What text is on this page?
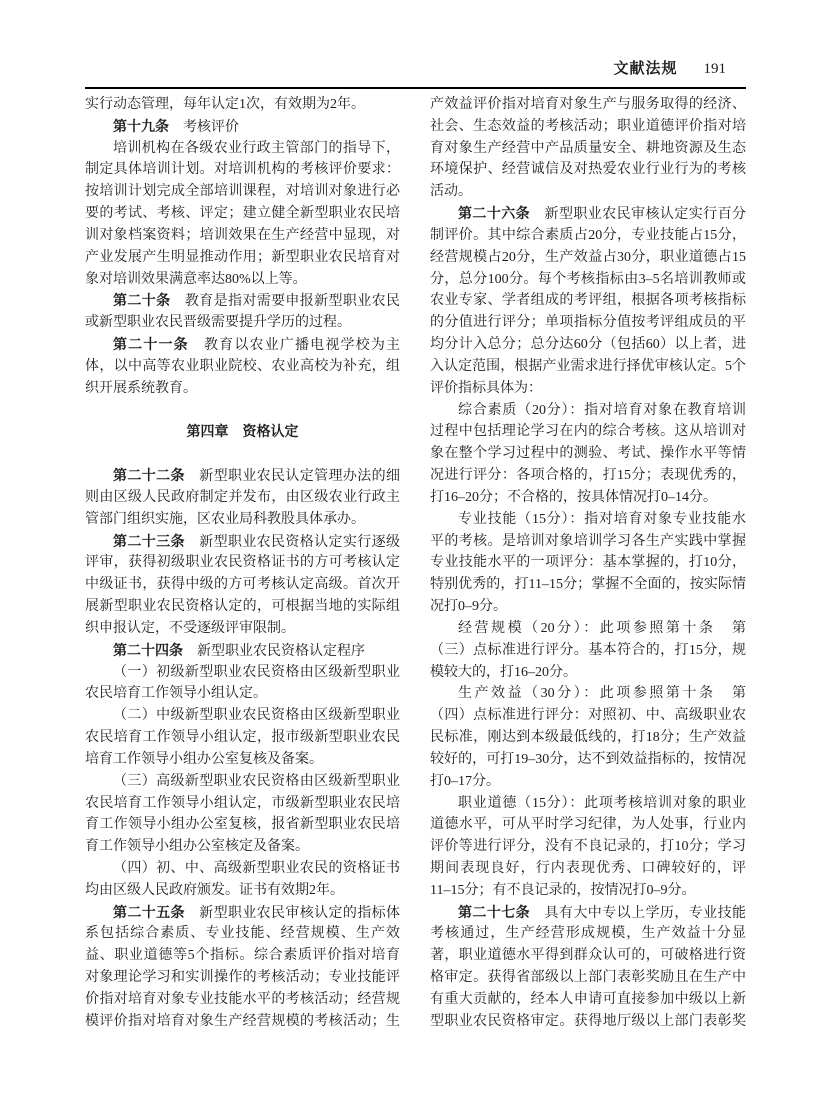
文献法规 191
实行动态管理，每年认定1次，有效期为2年。
第十九条　考核评价
培训机构在各级农业行政主管部门的指导下，
制定具体培训计划。对培训机构的考核评价要求：
按培训计划完成全部培训课程，对培训对象进行必
要的考试、考核、评定；建立健全新型职业农民培
训对象档案资料；培训效果在生产经营中显现，对
产业发展产生明显推动作用；新型职业农民培育对
象对培训效果满意率达80%以上等。
第二十条　教育是指对需要申报新型职业农民
或新型职业农民晋级需要提升学历的过程。
第二十一条　教育以农业广播电视学校为主
体，以中高等农业职业院校、农业高校为补充，组
织开展系统教育。

第四章　资格认定

第二十二条　新型职业农民认定管理办法的细
则由区级人民政府制定并发布，由区级农业行政主
管部门组织实施，区农业局科教股具体承办。
第二十三条　新型职业农民资格认定实行逐级
评审，获得初级职业农民资格证书的方可考核认定
中级证书，获得中级的方可考核认定高级。首次开
展新型职业农民资格认定的，可根据当地的实际组
织申报认定，不受逐级评审限制。
第二十四条　新型职业农民资格认定程序
（一）初级新型职业农民资格由区级新型职业
农民培育工作领导小组认定。
（二）中级新型职业农民资格由区级新型职业
农民培育工作领导小组认定，报市级新型职业农民
培育工作领导小组办公室复核及备案。
（三）高级新型职业农民资格由区级新型职业
农民培育工作领导小组认定，市级新型职业农民培
育工作领导小组办公室复核，报省新型职业农民培
育工作领导小组办公室核定及备案。
（四）初、中、高级新型职业农民的资格证书
均由区级人民政府颁发。证书有效期2年。
第二十五条　新型职业农民审核认定的指标体
系包括综合素质、专业技能、经营规模、生产效
益、职业道德等5个指标。综合素质评价指对培育
对象理论学习和实训操作的考核活动；专业技能评
价指对培育对象专业技能水平的考核活动；经营规
模评价指对培育对象生产经营规模的考核活动；生
产效益评价指对培育对象生产与服务取得的经济、
社会、生态效益的考核活动；职业道德评价指对培
育对象生产经营中产品质量安全、耕地资源及生态
环境保护、经营诚信及对热爱农业行业行为的考核
活动。
第二十六条　新型职业农民审核认定实行百分
制评价。其中综合素质占20分，专业技能占15分，
经营规模占20分，生产效益占30分，职业道德占15
分，总分100分。每个考核指标由3–5名培训教师或
农业专家、学者组成的考评组，根据各项考核指标
的分值进行评分；单项指标分值按考评组成员的平
均分计入总分；总分达60分（包括60）以上者，进
入认定范围，根据产业需求进行择优审核认定。5个
评价指标具体为：
综合素质（20分）：指对培育对象在教育培训
过程中包括理论学习在内的综合考核。这从培训对
象在整个学习过程中的测验、考试、操作水平等情
况进行评分：各项合格的，打15分；表现优秀的，
打16–20分；不合格的，按具体情况打0–14分。
专业技能（15分）：指对培育对象专业技能水
平的考核。是培训对象培训学习各生产实践中掌握
专业技能水平的一项评分：基本掌握的，打10分，
特别优秀的，打11–15分；掌握不全面的，按实际情
况打0–9分。
经营规模（20分）：此项参照第十条　第
（三）点标准进行评分。基本符合的，打15分，规
模较大的，打16–20分。
生产效益（30分）：此项参照第十条　第
（四）点标准进行评分：对照初、中、高级职业农
民标准，刚达到本级最低线的，打18分；生产效益
较好的，可打19–30分，达不到效益指标的，按情况
打0–17分。
职业道德（15分）：此项考核培训对象的职业
道德水平，可从平时学习纪律，为人处事，行业内
评价等进行评分，没有不良记录的，打10分；学习
期间表现良好，行内表现优秀、口碑较好的，评
11–15分；有不良记录的，按情况打0–9分。
第二十七条　具有大中专以上学历，专业技能
考核通过，生产经营形成规模，生产效益十分显
著，职业道德水平得到群众认可的，可破格进行资
格审定。获得省部级以上部门表彰奖励且在生产中
有重大贡献的，经本人申请可直接参加中级以上新
型职业农民资格审定。获得地厅级以上部门表彰奖
